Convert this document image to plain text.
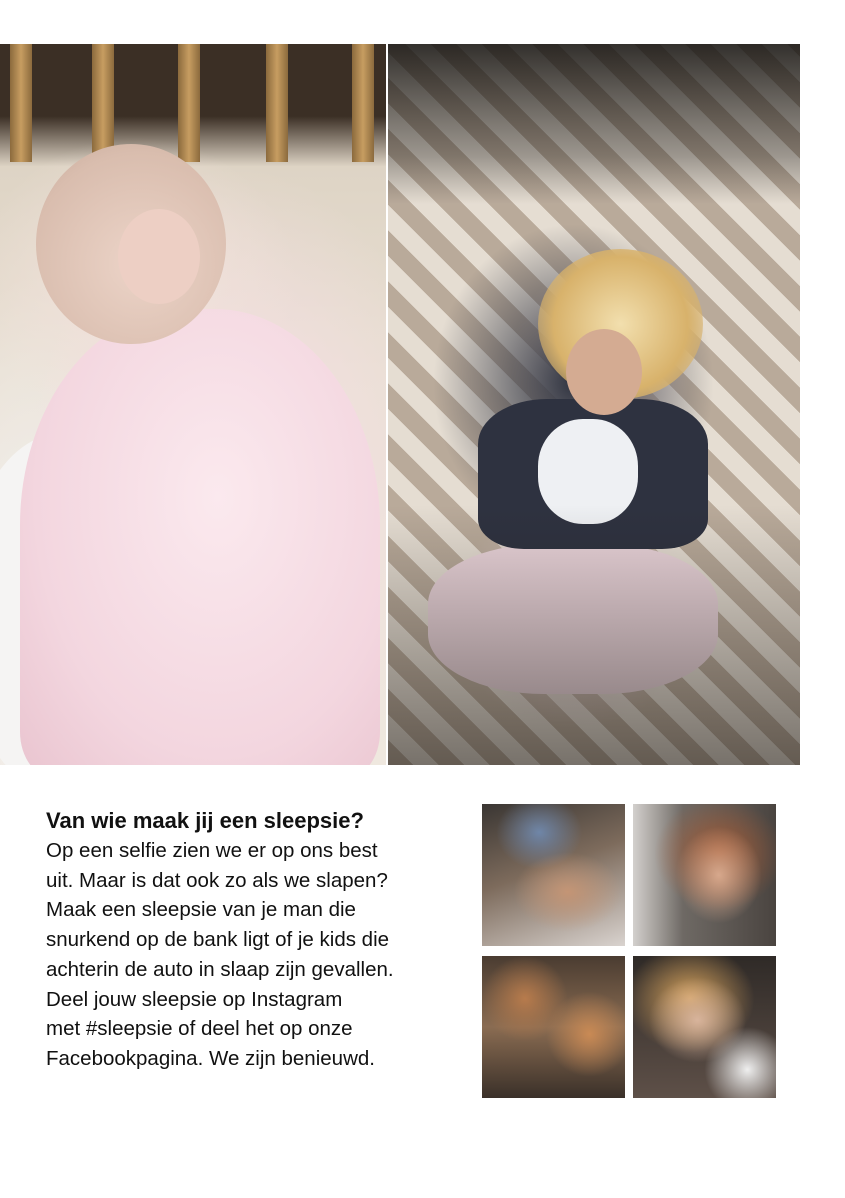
Van wie maak jij een sleepsie?

Op een selfie zien we er op ons best
uit. Maar is dat ook zo als we slapen?
Maak een sleepsie van je man die
snurkend op de bank ligt of je kids die
achterin de auto in slaap zijn gevallen.
Deel jouw sleepsie op Instagram
met #sleepsie of deel het op onze
Facebookpagina. We zijn benieuwd.
